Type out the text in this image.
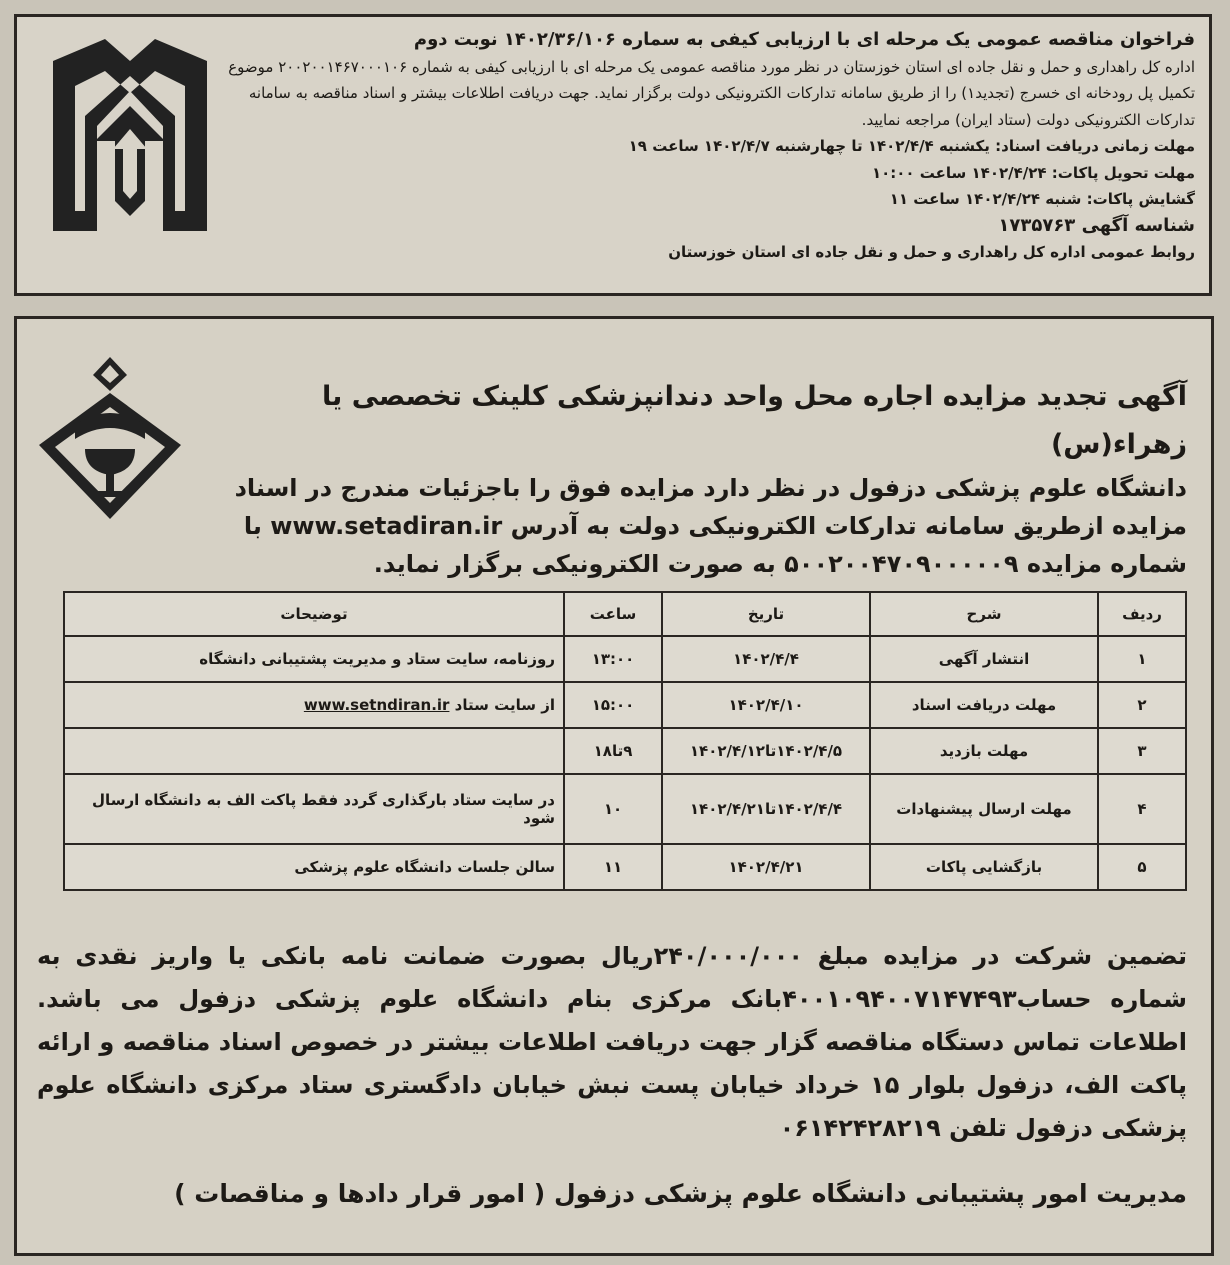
فراخوان مناقصه عمومی یک مرحله ای با ارزیابی کیفی به سماره ۱۴۰۲/۳۶/۱۰۶ نوبت دوم
اداره کل راهداری و حمل و نقل جاده ای استان خوزستان در نظر مورد مناقصه عمومی یک مرحله ای با ارزیابی کیفی به شماره ۲۰۰۲۰۰۱۴۶۷۰۰۰۱۰۶ موضوع تکمیل پل رودخانه ای خسرج (تجدید۱) را از طریق سامانه تدارکات الکترونیکی دولت برگزار نماید. جهت دریافت اطلاعات بیشتر و اسناد مناقصه به سامانه تدارکات الکترونیکی دولت (ستاد ایران) مراجعه نمایید.
مهلت زمانی دریافت اسناد: یکشنبه ۱۴۰۲/۴/۴ تا چهارشنبه ۱۴۰۲/۴/۷ ساعت ۱۹
مهلت تحویل پاکات: ۱۴۰۲/۴/۲۴ ساعت ۱۰:۰۰
گشایش پاکات: شنبه ۱۴۰۲/۴/۲۴ ساعت ۱۱
شناسه آگهی ۱۷۳۵۷۶۳
روابط عمومی اداره کل راهداری و حمل و نقل جاده ای استان خوزستان
آگهی تجدید مزایده اجاره محل واحد دندانپزشکی کلینک تخصصی یا زهراء(س)
دانشگاه علوم پزشکی دزفول در نظر دارد مزایده فوق را باجزئیات مندرج در اسناد مزایده ازطریق سامانه تدارکات الکترونیکی دولت به آدرس www.setadiran.ir با شماره مزایده ۵۰۰۲۰۰۴۷۰۹۰۰۰۰۰۹ به صورت الکترونیکی برگزار نماید.
ردیف	شرح	تاریخ	ساعت	توضیحات
۱	انتشار آگهی	۱۴۰۲/۴/۴	۱۳:۰۰	روزنامه، سایت ستاد و مدیریت پشتیبانی دانشگاه
۲	مهلت دریافت اسناد	۱۴۰۲/۴/۱۰	۱۵:۰۰	از سایت ستاد www.setndiran.ir
۳	مهلت بازدید	۱۴۰۲/۴/۵تا۱۴۰۲/۴/۱۲	۹تا۱۸	
۴	مهلت ارسال پیشنهادات	۱۴۰۲/۴/۴تا۱۴۰۲/۴/۲۱	۱۰	در سایت ستاد بارگذاری گردد فقط پاکت الف به دانشگاه ارسال شود
۵	بازگشایی پاکات	۱۴۰۲/۴/۲۱	۱۱	سالن جلسات دانشگاه علوم پزشکی
تضمین شرکت در مزایده مبلغ ۲۴۰/۰۰۰/۰۰۰ریال بصورت ضمانت نامه بانکی یا واریز نقدی به شماره حساب۴۰۰۱۰۹۴۰۰۷۱۴۷۴۹۳بانک مرکزی بنام دانشگاه علوم پزشکی دزفول می باشد. اطلاعات تماس دستگاه مناقصه گزار جهت دریافت اطلاعات بیشتر در خصوص اسناد مناقصه و ارائه پاکت الف، دزفول بلوار ۱۵ خرداد خیابان پست نبش خیابان دادگستری ستاد مرکزی دانشگاه علوم پزشکی دزفول تلفن ۰۶۱۴۲۴۲۸۲۱۹
مدیریت امور پشتیبانی دانشگاه علوم پزشکی دزفول ( امور قرار دادها و مناقصات )
